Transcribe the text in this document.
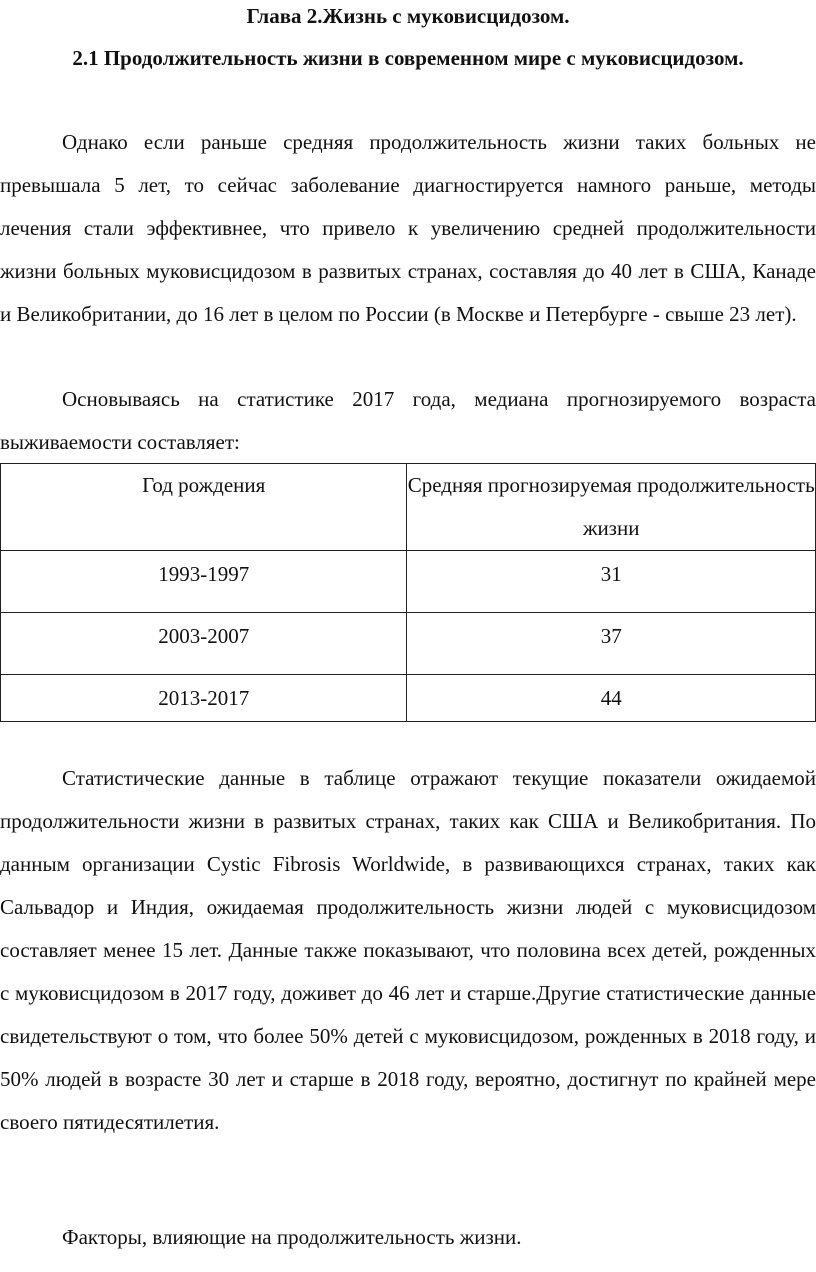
Глава 2.Жизнь с муковисцидозом.
2.1 Продолжительность жизни в современном мире с муковисцидозом.

Однако если раньше средняя продолжительность жизни таких больных не превышала 5 лет, то сейчас заболевание диагностируется намного раньше, методы лечения стали эффективнее, что привело к увеличению средней продолжительности жизни больных муковисцидозом в развитых странах, составляя до 40 лет в США, Канаде и Великобритании, до 16 лет в целом по России (в Москве и Петербурге - свыше 23 лет).

Основываясь на статистике 2017 года, медиана прогнозируемого возраста выживаемости составляет:

Год рождения	Средняя прогнозируемая продолжительность жизни
1993-1997	31
2003-2007	37
2013-2017	44

Статистические данные в таблице отражают текущие показатели ожидаемой продолжительности жизни в развитых странах, таких как США и Великобритания. По данным организации Cystic Fibrosis Worldwide, в развивающихся странах, таких как Сальвадор и Индия, ожидаемая продолжительность жизни людей с муковисцидозом составляет менее 15 лет. Данные также показывают, что половина всех детей, рожденных с муковисцидозом в 2017 году, доживет до 46 лет и старше.Другие статистические данные свидетельствуют о том, что более 50% детей с муковисцидозом, рожденных в 2018 году, и 50% людей в возрасте 30 лет и старше в 2018 году, вероятно, достигнут по крайней мере своего пятидесятилетия.

Факторы, влияющие на продолжительность жизни.
